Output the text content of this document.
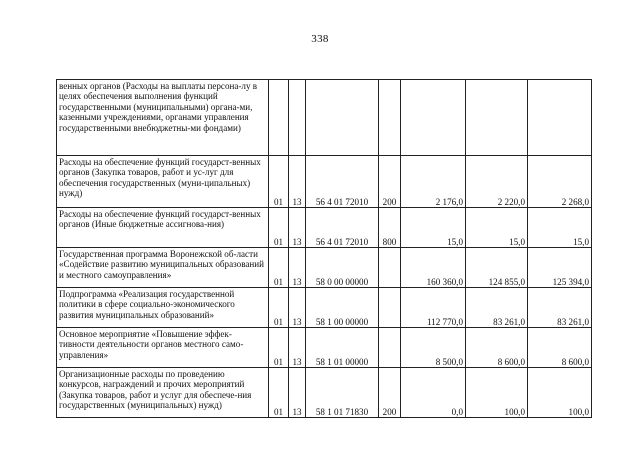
338
венных органов (Расходы на выплаты персона-лу в целях обеспечения выполнения функций государственными (муниципальными) органа-ми, казенными учреждениями, органами управления государственными внебюджетны-ми фондами)							
Расходы на обеспечение функций государст-венных органов (Закупка товаров, работ и ус-луг для обеспечения государственных (муни-ципальных) нужд)	01	13	56 4 01 72010	200	2 176,0	2 220,0	2 268,0
Расходы на обеспечение функций государст-венных органов (Иные бюджетные ассигнова-ния)	01	13	56 4 01 72010	800	15,0	15,0	15,0
Государственная программа Воронежской об-ласти «Содействие развитию муниципальных образований и местного самоуправления»	01	13	58 0 00 00000		160 360,0	124 855,0	125 394,0
Подпрограмма «Реализация государственной политики в сфере социально-экономического развития муниципальных образований»	01	13	58 1 00 00000		112 770,0	83 261,0	83 261,0
Основное мероприятие «Повышение эффек-тивности деятельности органов местного само-управления»	01	13	58 1 01 00000		8 500,0	8 600,0	8 600,0
Организационные расходы по проведению конкурсов, награждений и прочих мероприятий (Закупка товаров, работ и услуг для обеспече-ния государственных (муниципальных) нужд)	01	13	58 1 01 71830	200	0,0	100,0	100,0
